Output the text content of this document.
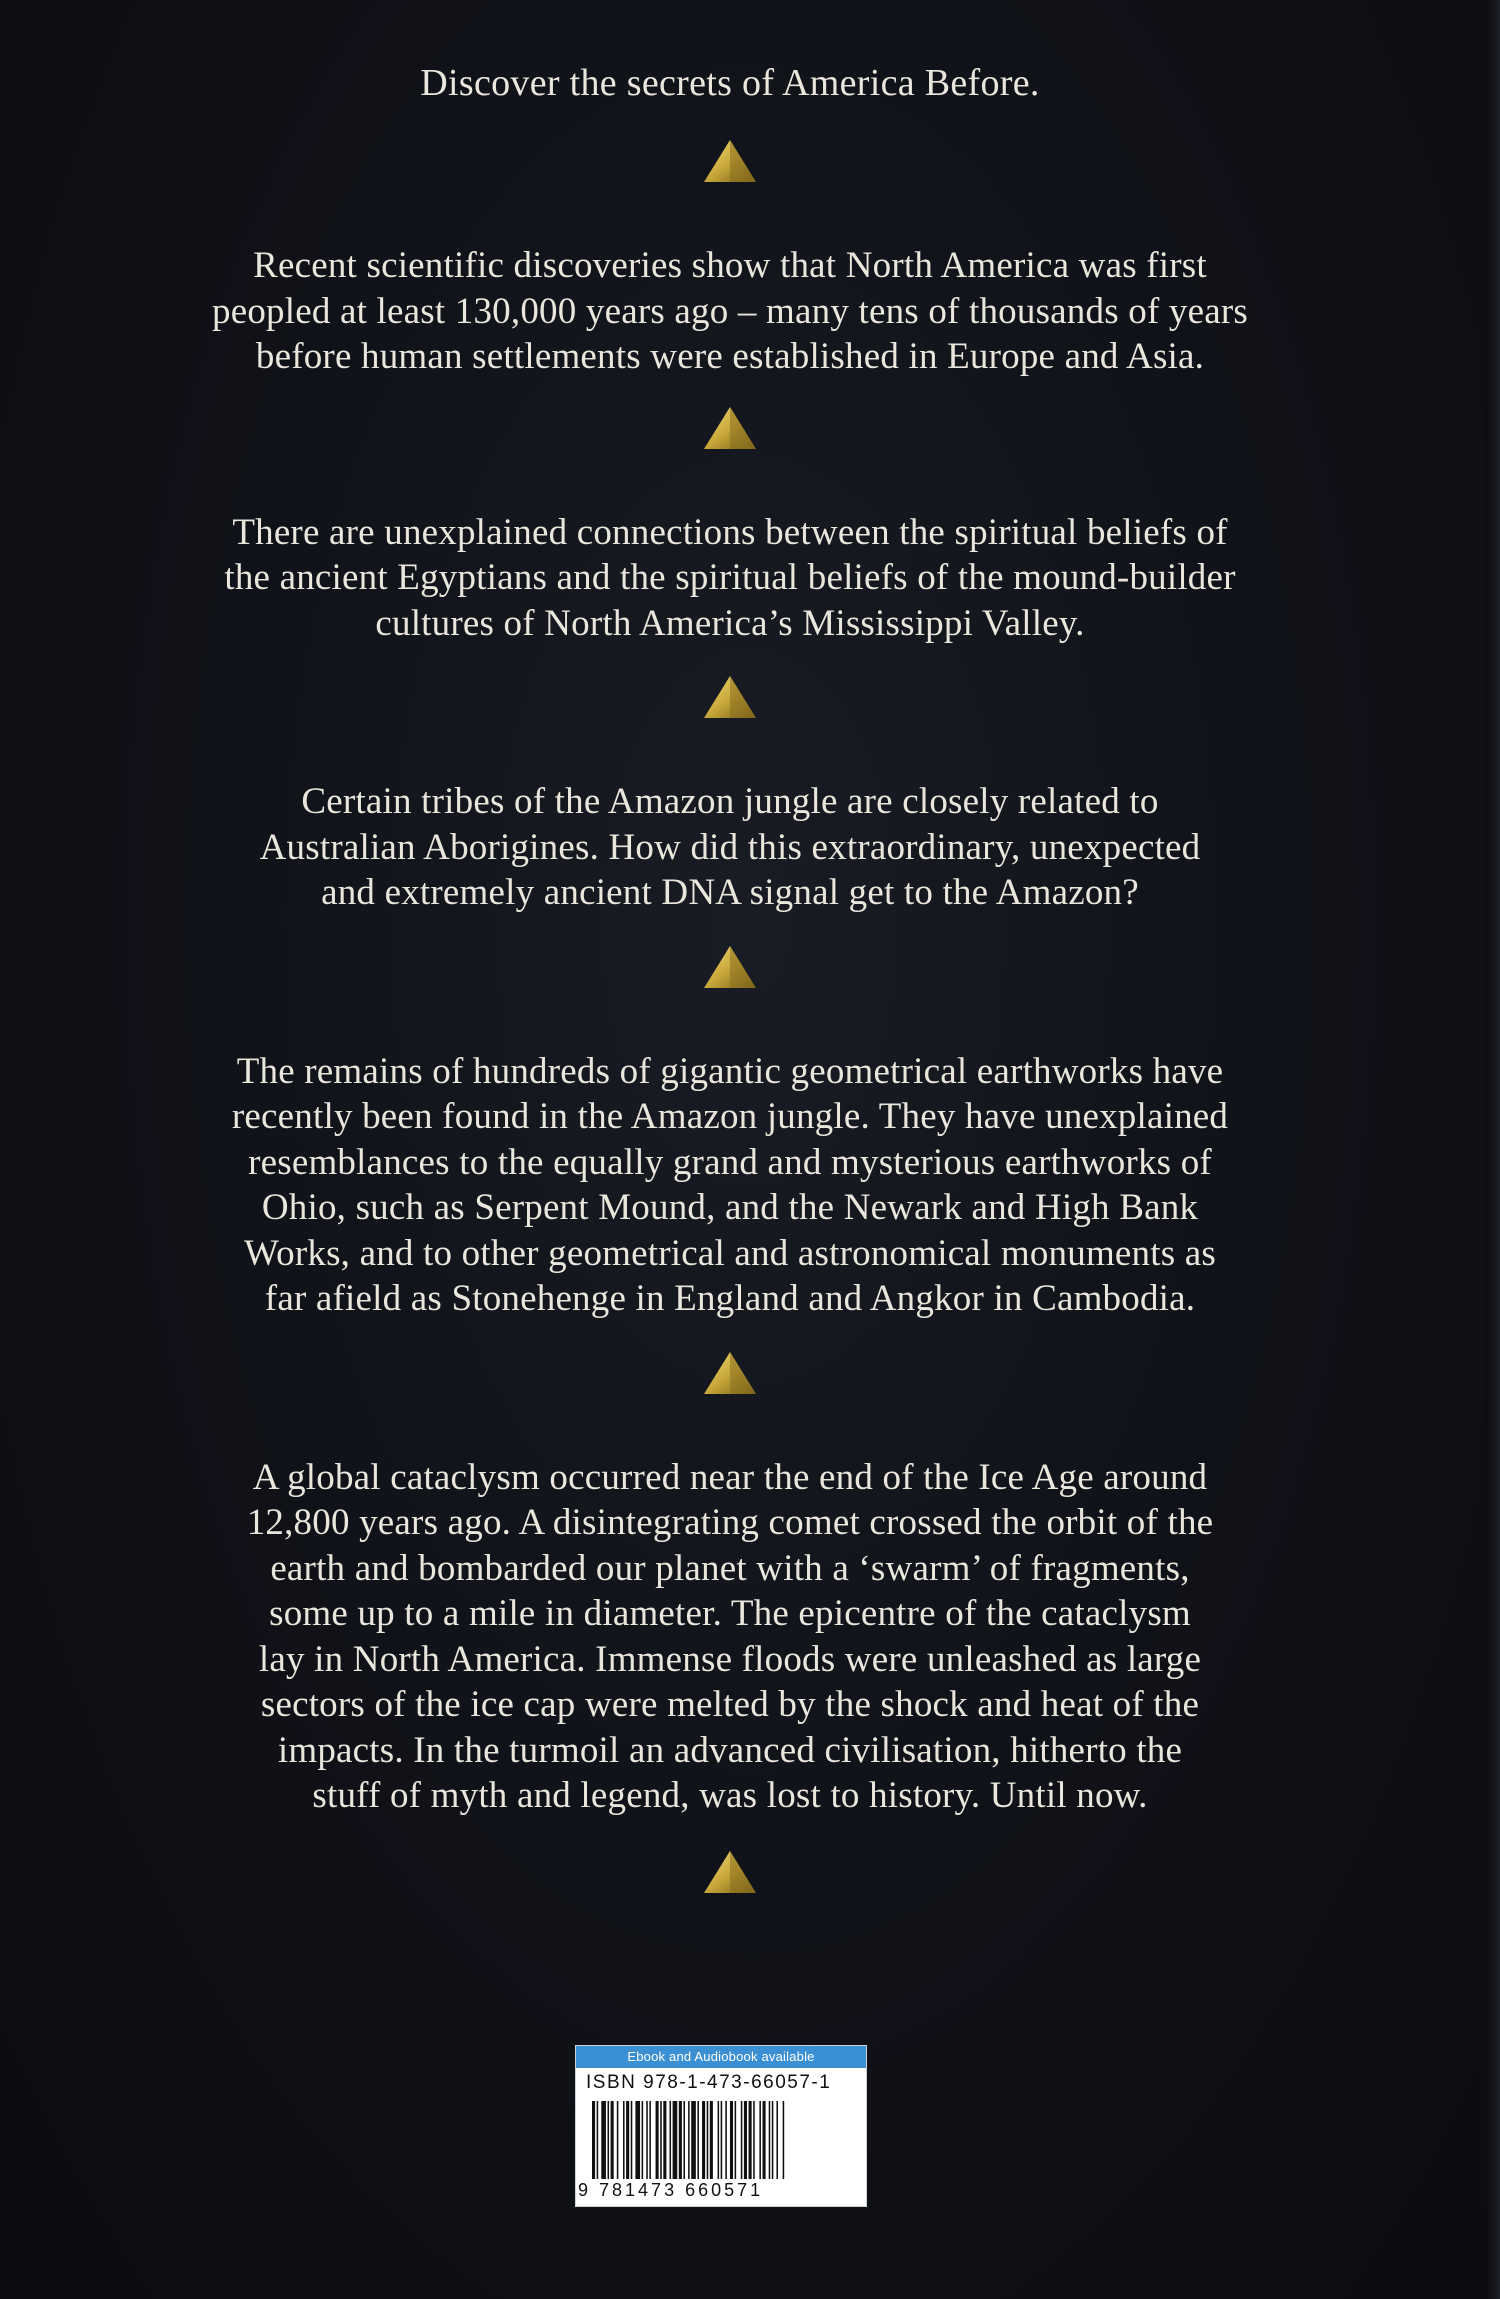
Discover the secrets of America Before.

Recent scientific discoveries show that North America was first

peopled at least 130,000 years ago – many tens of thousands of years

before human settlements were established in Europe and Asia.

There are unexplained connections between the spiritual beliefs of

the ancient Egyptians and the spiritual beliefs of the mound-builder

cultures of North America’s Mississippi Valley.

Certain tribes of the Amazon jungle are closely related to

Australian Aborigines. How did this extraordinary, unexpected

and extremely ancient DNA signal get to the Amazon?

The remains of hundreds of gigantic geometrical earthworks have

recently been found in the Amazon jungle. They have unexplained

resemblances to the equally grand and mysterious earthworks of

Ohio, such as Serpent Mound, and the Newark and High Bank

Works, and to other geometrical and astronomical monuments as

far afield as Stonehenge in England and Angkor in Cambodia.

A global cataclysm occurred near the end of the Ice Age around

12,800 years ago. A disintegrating comet crossed the orbit of the

earth and bombarded our planet with a ‘swarm’ of fragments,

some up to a mile in diameter. The epicentre of the cataclysm

lay in North America. Immense floods were unleashed as large

sectors of the ice cap were melted by the shock and heat of the

impacts. In the turmoil an advanced civilisation, hitherto the

stuff of myth and legend, was lost to history. Until now.

Ebook and Audiobook available
ISBN 978-1-473-66057-1
9 781473 660571
